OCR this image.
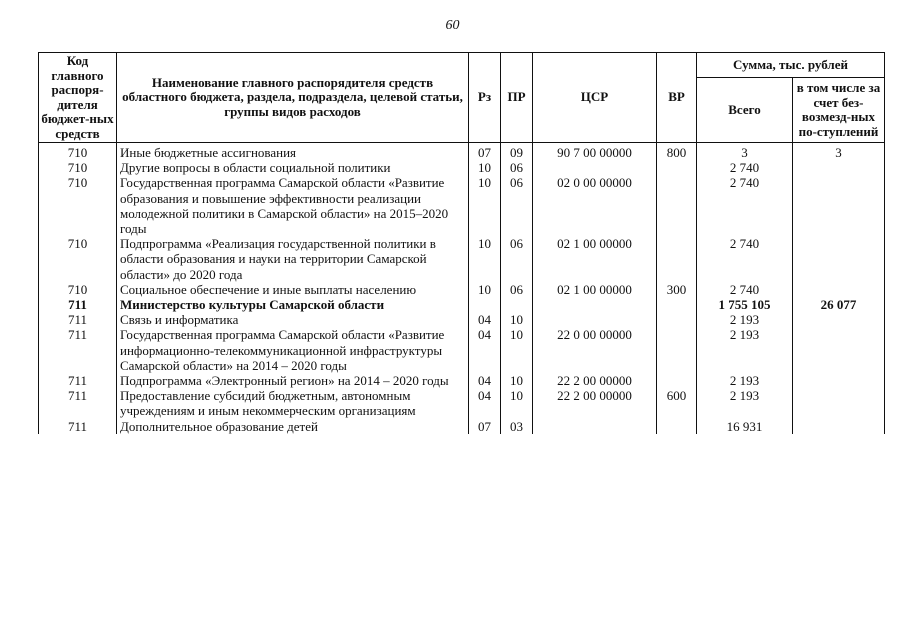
60
Код главного распоря-дителя бюджет-ных средств	Наименование главного распорядителя средств областного бюджета, раздела, подраздела, целевой статьи, группы видов расходов	Рз	ПР	ЦСР	ВР	Сумма, тыс. рублей	
						Всего	в том числе за счет без-возмезд-ных по-ступлений
710	Иные бюджетные ассигнования	07	09	90 7 00 00000	800	3	3
710	Другие вопросы в области социальной политики	10	06			2 740	
710	Государственная программа Самарской области «Развитие образования и повышение эффективности реализации молодежной политики в Самарской области» на 2015–2020 годы	10	06	02 0 00 00000		2 740	
710	Подпрограмма «Реализация государственной политики в области образования и науки на территории Самарской области» до 2020 года	10	06	02 1 00 00000		2 740	
710	Социальное обеспечение и иные выплаты населению	10	06	02 1 00 00000	300	2 740	
711	Министерство культуры Самарской области					1 755 105	26 077
711	Связь и информатика	04	10			2 193	
711	Государственная программа Самарской области «Развитие информационно-телекоммуникационной инфраструктуры Самарской области» на 2014 – 2020 годы	04	10	22 0 00 00000		2 193	
711	Подпрограмма «Электронный регион» на 2014 – 2020 годы	04	10	22 2 00 00000		2 193	
711	Предоставление субсидий бюджетным, автономным учреждениям и иным некоммерческим организациям	04	10	22 2 00 00000	600	2 193	
711	Дополнительное образование детей	07	03			16 931	
